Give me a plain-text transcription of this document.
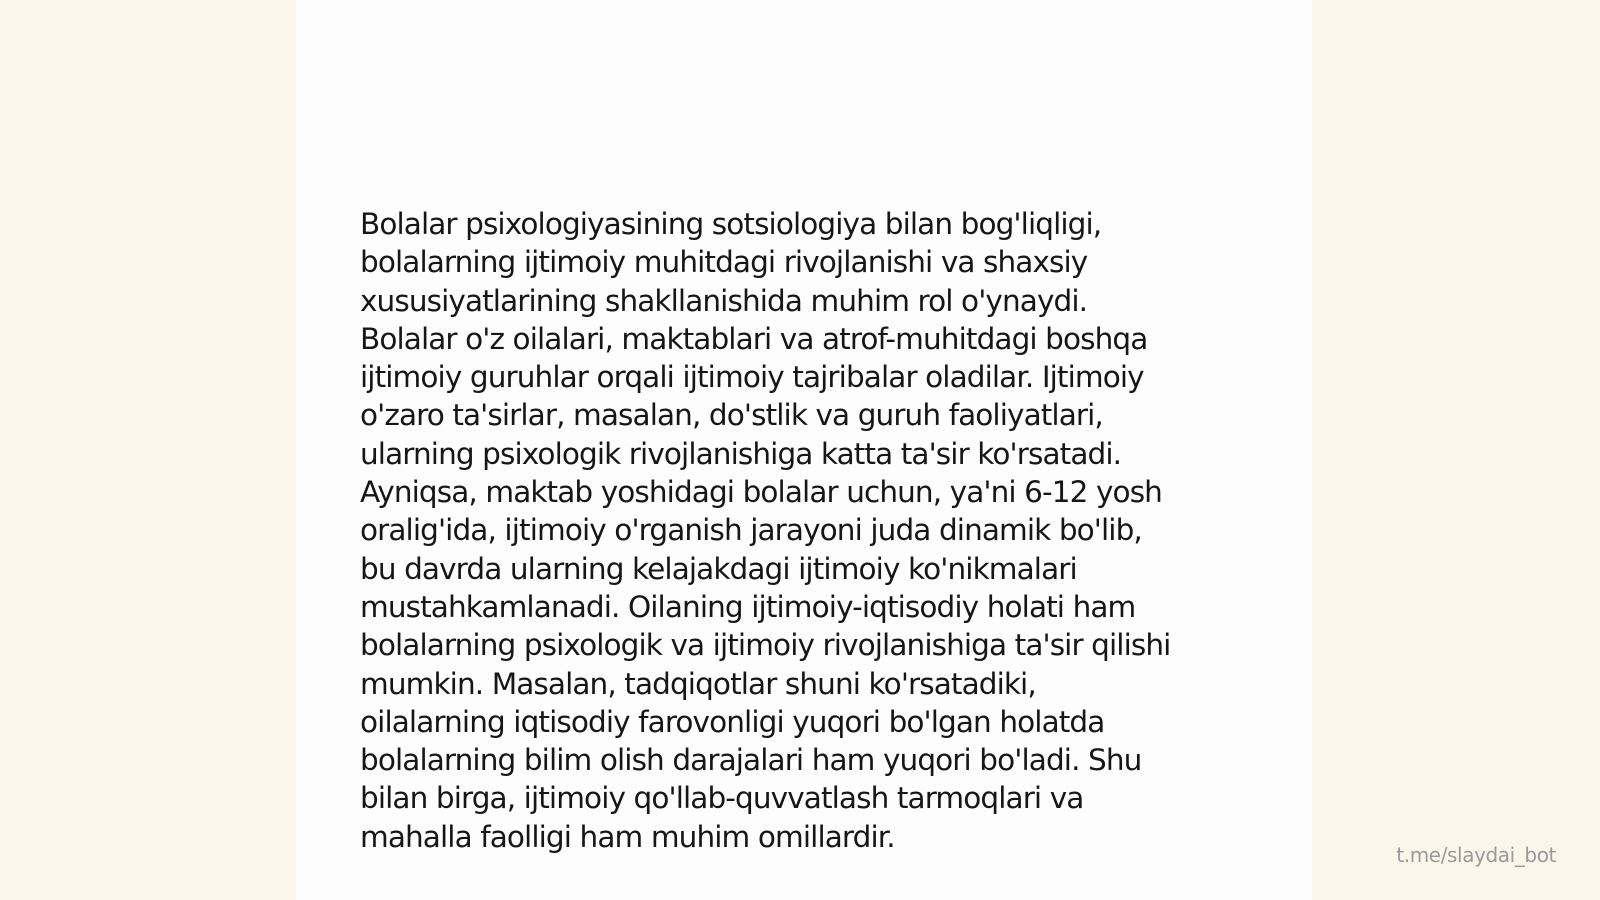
Bolalar psixologiyasining sotsiologiya bilan bog'liqligi,
bolalarning ijtimoiy muhitdagi rivojlanishi va shaxsiy
xususiyatlarining shakllanishida muhim rol o'ynaydi.
Bolalar o'z oilalari, maktablari va atrof-muhitdagi boshqa
ijtimoiy guruhlar orqali ijtimoiy tajribalar oladilar. Ijtimoiy
o'zaro ta'sirlar, masalan, do'stlik va guruh faoliyatlari,
ularning psixologik rivojlanishiga katta ta'sir ko'rsatadi.
Ayniqsa, maktab yoshidagi bolalar uchun, ya'ni 6-12 yosh
oralig'ida, ijtimoiy o'rganish jarayoni juda dinamik bo'lib,
bu davrda ularning kelajakdagi ijtimoiy ko'nikmalari
mustahkamlanadi. Oilaning ijtimoiy-iqtisodiy holati ham
bolalarning psixologik va ijtimoiy rivojlanishiga ta'sir qilishi
mumkin. Masalan, tadqiqotlar shuni ko'rsatadiki,
oilalarning iqtisodiy farovonligi yuqori bo'lgan holatda
bolalarning bilim olish darajalari ham yuqori bo'ladi. Shu
bilan birga, ijtimoiy qo'llab-quvvatlash tarmoqlari va
mahalla faolligi ham muhim omillardir.

t.me/slaydai_bot
